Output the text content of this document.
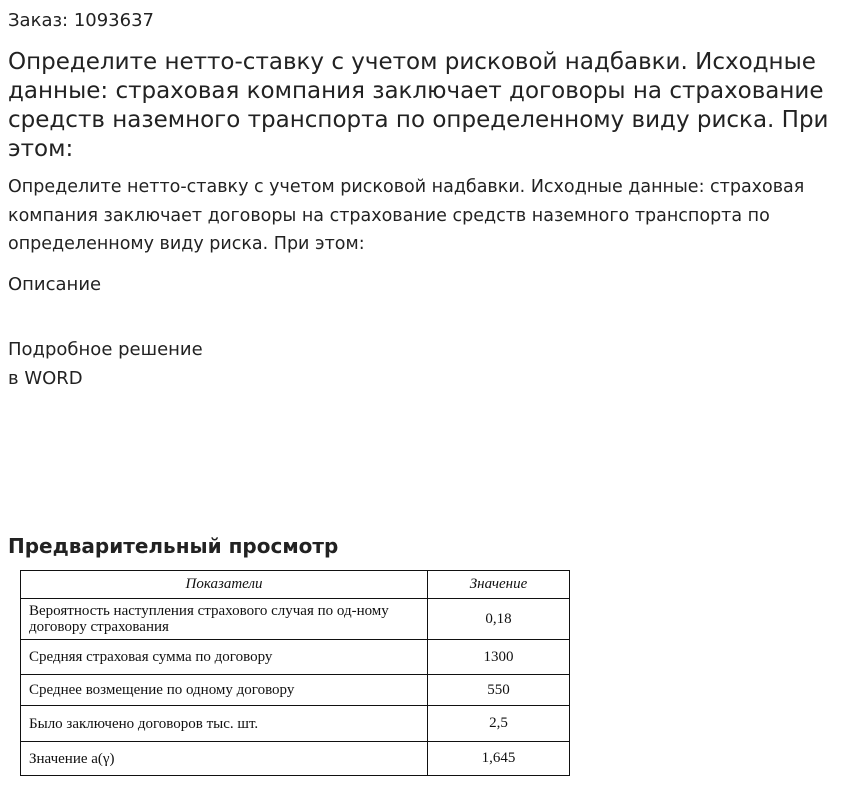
Заказ: 1093637
Определите нетто-ставку с учетом рисковой надбавки. Исходные данные: страховая компания заключает договоры на страхование средств наземного транспорта по определенному виду риска. При этом:

Определите нетто-ставку с учетом рисковой надбавки. Исходные данные: страховая компания заключает договоры на страхование средств наземного транспорта по определенному виду риска. При этом:

Описание
Подробное решение
в WORD
Предварительный просмотр
Показатели	Значение
Вероятность наступления страхового случая по од-ному договору страхования	0,18
Средняя страховая сумма по договору	1300
Среднее возмещение по одному договору	550
Было заключено договоров тыс. шт.	2,5
Значение a(γ)	1,645
